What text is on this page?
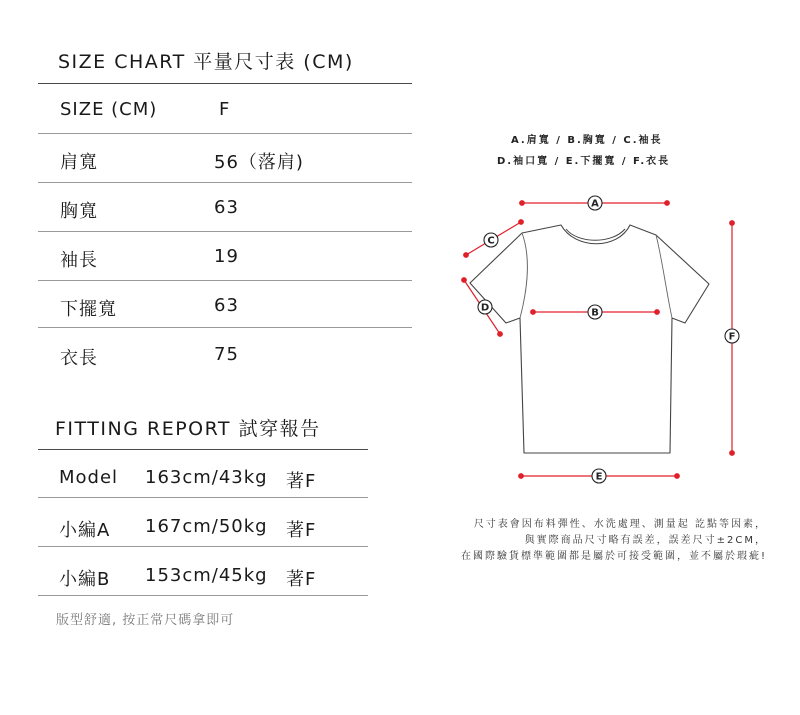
SIZE CHART 平量尺寸表 (CM)
SIZE (CM)	F
肩寬	56（落肩)
胸寬	63
袖長	19
下擺寬	63
衣長	75
FITTING REPORT 試穿報告
Model 163cm/43kg 著F
小編A 167cm/50kg 著F
小編B 153cm/45kg 著F
版型舒適, 按正常尺碼拿即可
A.肩寬 / B.胸寬 / C.袖長
D.袖口寬 / E.下擺寬 / F.衣長
A
B
C
D
E
F
尺寸表會因布料彈性、水洗處理、測量起 訖點等因素，
與實際商品尺寸略有誤差，誤差尺寸±2CM，
在國際驗貨標準範圍都是屬於可接受範圍，並不屬於瑕疵!
